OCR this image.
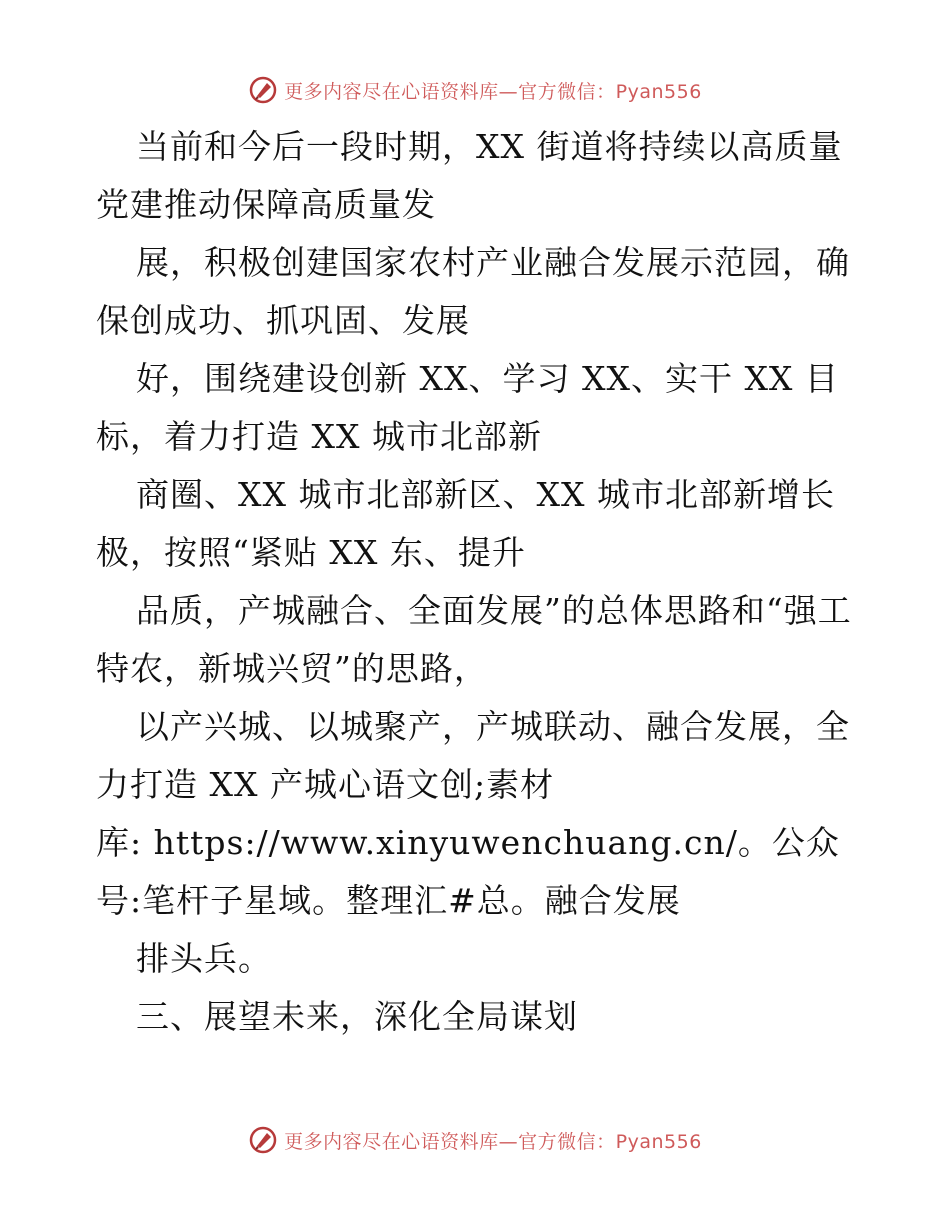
更多内容尽在心语资料库—官方微信：Pyan556

当前和今后一段时期，XX 街道将持续以高质量党建推动保障高质量发

展，积极创建国家农村产业融合发展示范园，确保创成功、抓巩固、发展

好，围绕建设创新 XX、学习 XX、实干 XX 目标，着力打造 XX 城市北部新

商圈、XX 城市北部新区、XX 城市北部新增长极，按照“紧贴 XX 东、提升

品质，产城融合、全面发展”的总体思路和“强工特农，新城兴贸”的思路，

以产兴城、以城聚产，产城联动、融合发展，全力打造 XX 产城心语文创;素材

库: https://www.xinyuwenchuang.cn/。公众号:笔杆子星域。整理汇#总。融合发展

排头兵。

三、展望未来，深化全局谋划

更多内容尽在心语资料库—官方微信：Pyan556
